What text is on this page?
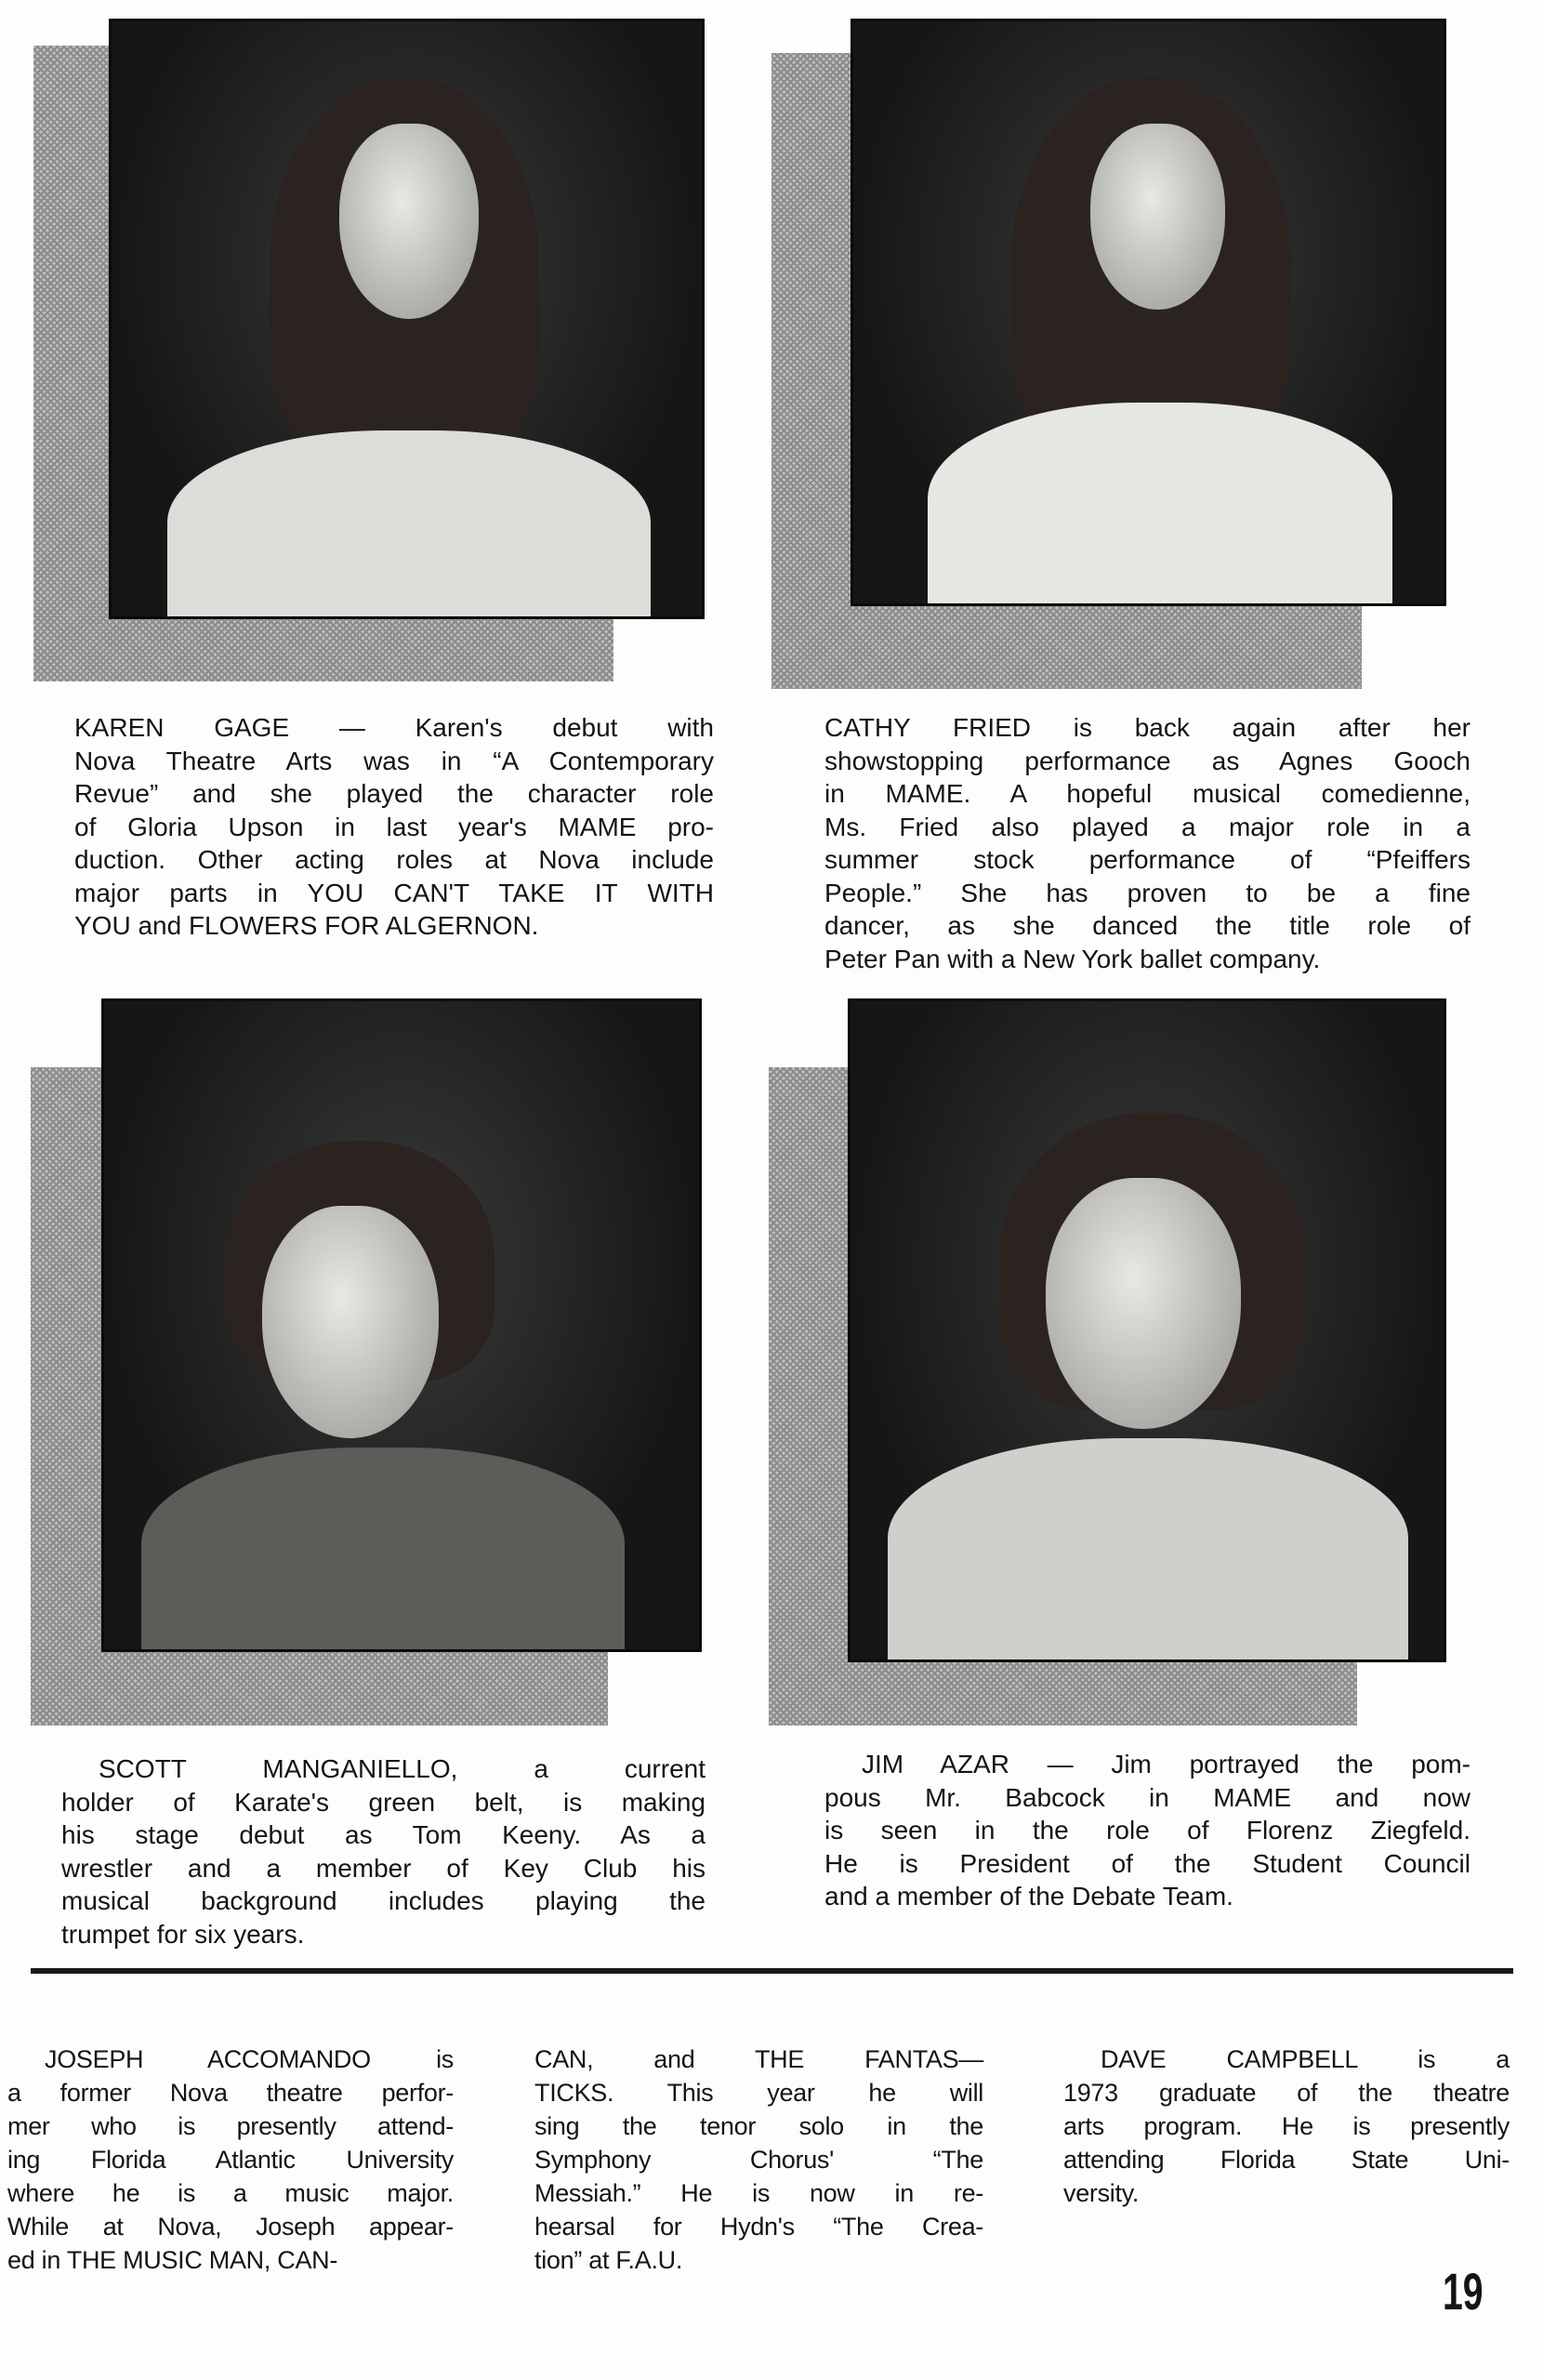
KAREN GAGE — Karen's debut with
Nova Theatre Arts was in “A Contemporary
Revue” and she played the character role
of Gloria Upson in last year's MAME pro-
duction. Other acting roles at Nova include
major parts in YOU CAN'T TAKE IT WITH
YOU and FLOWERS FOR ALGERNON.
CATHY FRIED is back again after her
showstopping performance as Agnes Gooch
in MAME. A hopeful musical comedienne,
Ms. Fried also played a major role in a
summer stock performance of “Pfeiffers
People.” She has proven to be a fine
dancer, as she danced the title role of
Peter Pan with a New York ballet company.
SCOTT MANGANIELLO, a current
holder of Karate's green belt, is making
his stage debut as Tom Keeny. As a
wrestler and a member of Key Club his
musical background includes playing the
trumpet for six years.
JIM AZAR — Jim portrayed the pom-
pous Mr. Babcock in MAME and now
is seen in the role of Florenz Ziegfeld.
He is President of the Student Council
and a member of the Debate Team.
JOSEPH ACCOMANDO is
a former Nova theatre perfor-
mer who is presently attend-
ing Florida Atlantic University
where he is a music major.
While at Nova, Joseph appear-
ed in THE MUSIC MAN, CAN-
CAN, and THE FANTAS—
TICKS. This year he will
sing the tenor solo in the
Symphony Chorus' “The
Messiah.” He is now in re-
hearsal for Hydn's “The Crea-
tion” at F.A.U.
DAVE CAMPBELL is a
1973 graduate of the theatre
arts program. He is presently
attending Florida State Uni-
versity.
19
